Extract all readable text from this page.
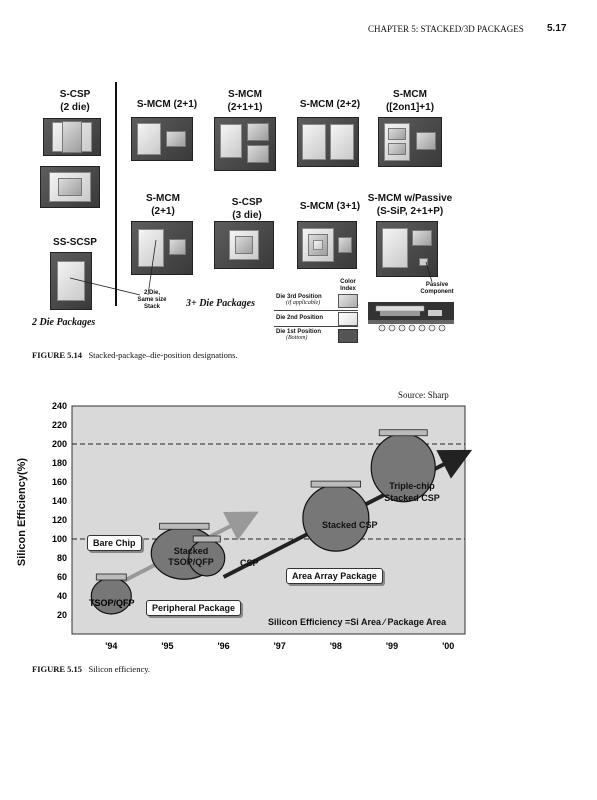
CHAPTER 5: STACKED/3D PACKAGES 5.17
S-CSP
(2 die)	S-MCM (2+1)
S-MCM
(2+1+1)	S-MCM (2+2)
S-MCM
([2on1]+1)
S-MCM
(2+1)
S-CSP
(3 die)
S-MCM (3+1)
S-MCM w/Passive
(S-SiP, 2+1+P)
SS-SCSP
2 Die,
Same size
Stack
2 Die Packages
3+ Die Packages
Color
Index
Die 3rd Position
(if applicable)
Die 2nd Position
Die 1st Position
(Bottom)
Passive
Component
FIGURE 5.14 Stacked-package–die-position designations.
Source: Sharp
Silicon Efficiency(%)
20
40
60
80
100
120
140
160
180
200
220
240
'94	'95	'96	'97	'98	'99	'00
TSOP/QFP
Stacked
TSOP/QFP	CSP
Stacked CSP
Triple-chip
Stacked CSP
Bare Chip
Peripheral Package
Area Array Package
Silicon Efficiency =Si Area ⁄ Package Area
FIGURE 5.15 Silicon efficiency.
